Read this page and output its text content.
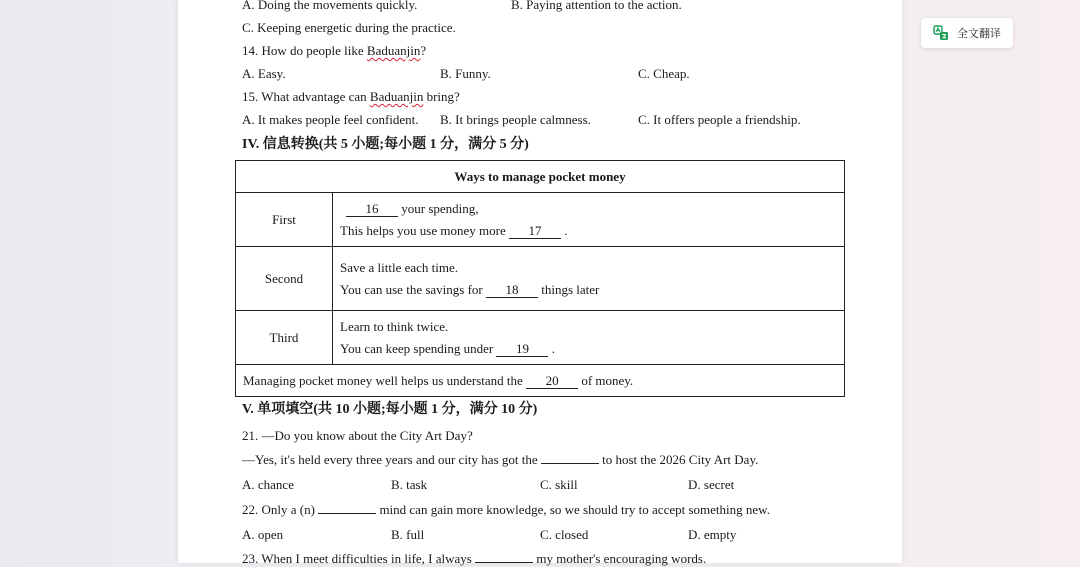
A. Doing the movements quickly.	B. Paying attention to the action.
C. Keeping energetic during the practice.
14. How do people like Baduanjin?
A. Easy.	B. Funny.	C. Cheap.
15. What advantage can Baduanjin bring?
A. It makes people feel confident. B. It brings people calmness.	C. It offers people a friendship.
IV. 信息转换(共 5 小题;每小题 1 分，满分 5 分)
Ways to manage pocket money	
First	16 your spending,
This helps you use money more 17 .

Second	Save a little each time.
You can use the savings for 18 things later

Third	Learn to think twice.
You can keep spending under 19 .

Managing pocket money well helps us understand the 20 of money.	
V. 单项填空(共 10 小题;每小题 1 分，满分 10 分)
21. —Do you know about the City Art Day?
—Yes, it's held every three years and our city has got the	to host the 2026 City Art Day.
A. chance	B. task	C. skill	D. secret
22. Only a (n)	mind can gain more knowledge, so we should try to accept something new.
A. open	B. full	C. closed	D. empty
23. When I meet difficulties in life, I always	my mother's encouraging words.
全文翻译
